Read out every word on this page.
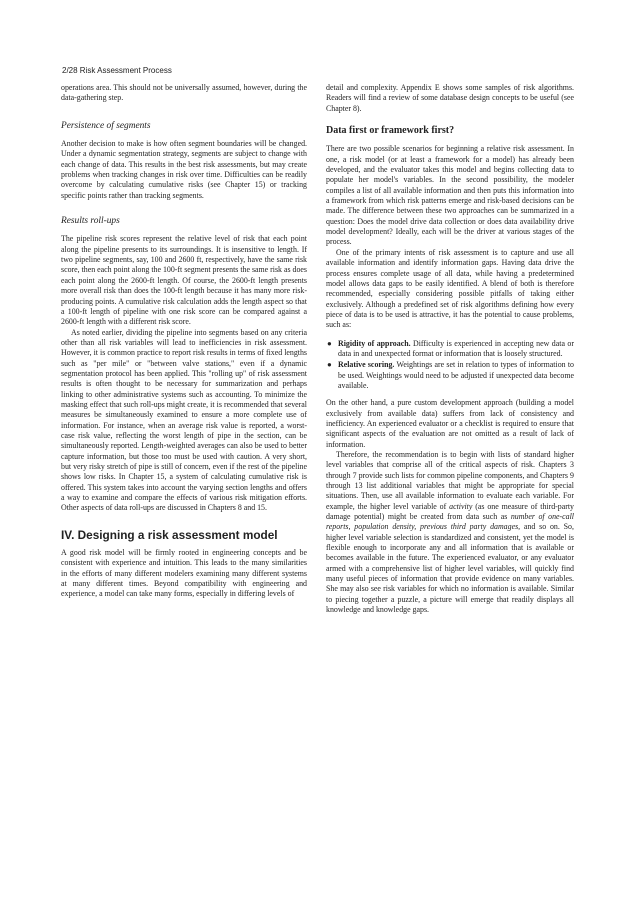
2/28 Risk Assessment Process

operations area. This should not be universally assumed, however, during the data-gathering step.

Persistence of segments

Another decision to make is how often segment boundaries will be changed. Under a dynamic segmentation strategy, segments are subject to change with each change of data. This results in the best risk assessments, but may create problems when tracking changes in risk over time. Difficulties can be readily overcome by calculating cumulative risks (see Chapter 15) or tracking specific points rather than tracking segments.

Results roll-ups

The pipeline risk scores represent the relative level of risk that each point along the pipeline presents to its surroundings. It is insensitive to length. If two pipeline segments, say, 100 and 2600 ft, respectively, have the same risk score, then each point along the 100-ft segment presents the same risk as does each point along the 2600-ft length. Of course, the 2600-ft length presents more overall risk than does the 100-ft length because it has many more risk-producing points. A cumulative risk calculation adds the length aspect so that a 100-ft length of pipeline with one risk score can be compared against a 2600-ft length with a different risk score.

As noted earlier, dividing the pipeline into segments based on any criteria other than all risk variables will lead to inefficiencies in risk assessment. However, it is common practice to report risk results in terms of fixed lengths such as "per mile" or "between valve stations," even if a dynamic segmentation protocol has been applied. This "rolling up" of risk assessment results is often thought to be necessary for summarization and perhaps linking to other administrative systems such as accounting. To minimize the masking effect that such roll-ups might create, it is recommended that several measures be simultaneously examined to ensure a more complete use of information. For instance, when an average risk value is reported, a worst-case risk value, reflecting the worst length of pipe in the section, can be simultaneously reported. Length-weighted averages can also be used to better capture information, but those too must be used with caution. A very short, but very risky stretch of pipe is still of concern, even if the rest of the pipeline shows low risks. In Chapter 15, a system of calculating cumulative risk is offered. This system takes into account the varying section lengths and offers a way to examine and compare the effects of various risk mitigation efforts. Other aspects of data roll-ups are discussed in Chapters 8 and 15.

IV. Designing a risk assessment model

A good risk model will be firmly rooted in engineering concepts and be consistent with experience and intuition. This leads to the many similarities in the efforts of many different modelers examining many different systems at many different times. Beyond compatibility with engineering and experience, a model can take many forms, especially in differing levels of

detail and complexity. Appendix E shows some samples of risk algorithms. Readers will find a review of some database design concepts to be useful (see Chapter 8).

Data first or framework first?

There are two possible scenarios for beginning a relative risk assessment. In one, a risk model (or at least a framework for a model) has already been developed, and the evaluator takes this model and begins collecting data to populate her model's variables. In the second possibility, the modeler compiles a list of all available information and then puts this information into a framework from which risk patterns emerge and risk-based decisions can be made. The difference between these two approaches can be summarized in a question: Does the model drive data collection or does data availability drive model development? Ideally, each will be the driver at various stages of the process.

One of the primary intents of risk assessment is to capture and use all available information and identify information gaps. Having data drive the process ensures complete usage of all data, while having a predetermined model allows data gaps to be easily identified. A blend of both is therefore recommended, especially considering possible pitfalls of taking either exclusively. Although a predefined set of risk algorithms defining how every piece of data is to be used is attractive, it has the potential to cause problems, such as:

● Rigidity of approach. Difficulty is experienced in accepting new data or data in and unexpected format or information that is loosely structured.
● Relative scoring. Weightings are set in relation to types of information to be used. Weightings would need to be adjusted if unexpected data become available.

On the other hand, a pure custom development approach (building a model exclusively from available data) suffers from lack of consistency and inefficiency. An experienced evaluator or a checklist is required to ensure that significant aspects of the evaluation are not omitted as a result of lack of information.

Therefore, the recommendation is to begin with lists of standard higher level variables that comprise all of the critical aspects of risk. Chapters 3 through 7 provide such lists for common pipeline components, and Chapters 9 through 13 list additional variables that might be appropriate for special situations. Then, use all available information to evaluate each variable. For example, the higher level variable of activity (as one measure of third-party damage potential) might be created from data such as number of one-call reports, population density, previous third party damages, and so on. So, higher level variable selection is standardized and consistent, yet the model is flexible enough to incorporate any and all information that is available or becomes available in the future. The experienced evaluator, or any evaluator armed with a comprehensive list of higher level variables, will quickly find many useful pieces of information that provide evidence on many variables. She may also see risk variables for which no information is available. Similar to piecing together a puzzle, a picture will emerge that readily displays all knowledge and knowledge gaps.
